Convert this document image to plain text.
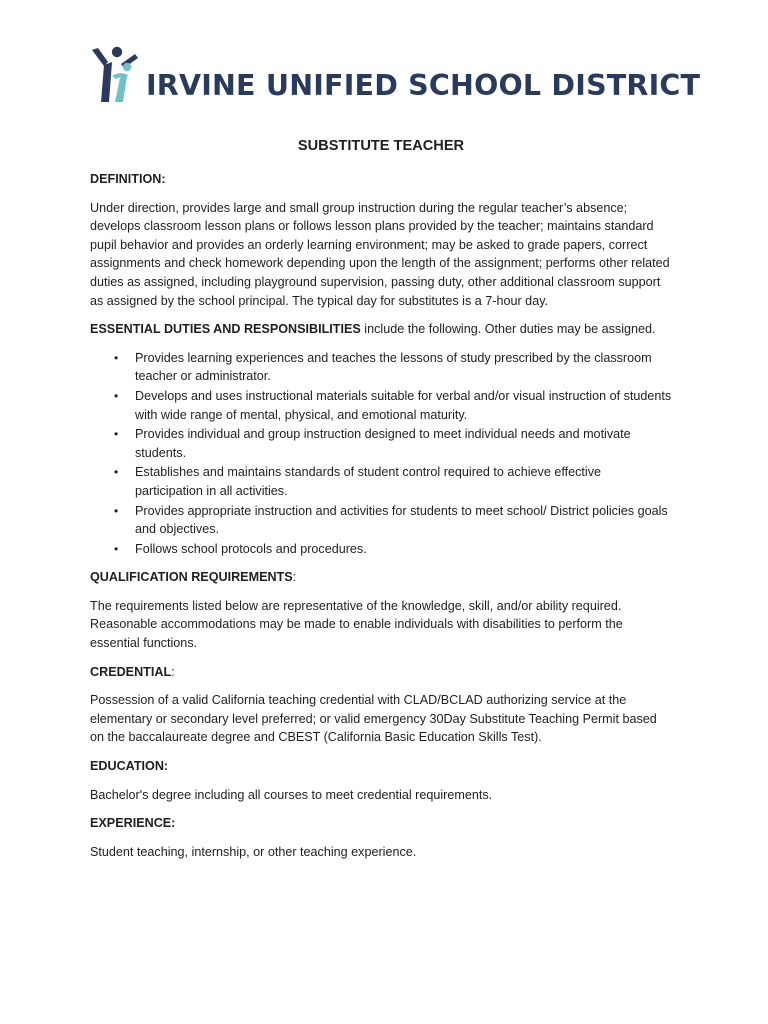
IRVINE UNIFIED SCHOOL DISTRICT
SUBSTITUTE TEACHER
DEFINITION:

Under direction, provides large and small group instruction during the regular teacher’s absence; develops classroom lesson plans or follows lesson plans provided by the teacher; maintains standard pupil behavior and provides an orderly learning environment; may be asked to grade papers, correct assignments and check homework depending upon the length of the assignment; performs other related duties as assigned, including playground supervision, passing duty, other additional classroom support as assigned by the school principal. The typical day for substitutes is a 7-hour day.

ESSENTIAL DUTIES AND RESPONSIBILITIES include the following. Other duties may be assigned.
• Provides learning experiences and teaches the lessons of study prescribed by the classroom teacher or administrator.
• Develops and uses instructional materials suitable for verbal and/or visual instruction of students with wide range of mental, physical, and emotional maturity.
• Provides individual and group instruction designed to meet individual needs and motivate students.
• Establishes and maintains standards of student control required to achieve effective participation in all activities.
• Provides appropriate instruction and activities for students to meet school/ District policies goals and objectives.
• Follows school protocols and procedures.
QUALIFICATION REQUIREMENTS:

The requirements listed below are representative of the knowledge, skill, and/or ability required. Reasonable accommodations may be made to enable individuals with disabilities to perform the essential functions.

CREDENTIAL:

Possession of a valid California teaching credential with CLAD/BCLAD authorizing service at the elementary or secondary level preferred; or valid emergency 30Day Substitute Teaching Permit based on the baccalaureate degree and CBEST (California Basic Education Skills Test).

EDUCATION:

Bachelor's degree including all courses to meet credential requirements.

EXPERIENCE:

Student teaching, internship, or other teaching experience.
